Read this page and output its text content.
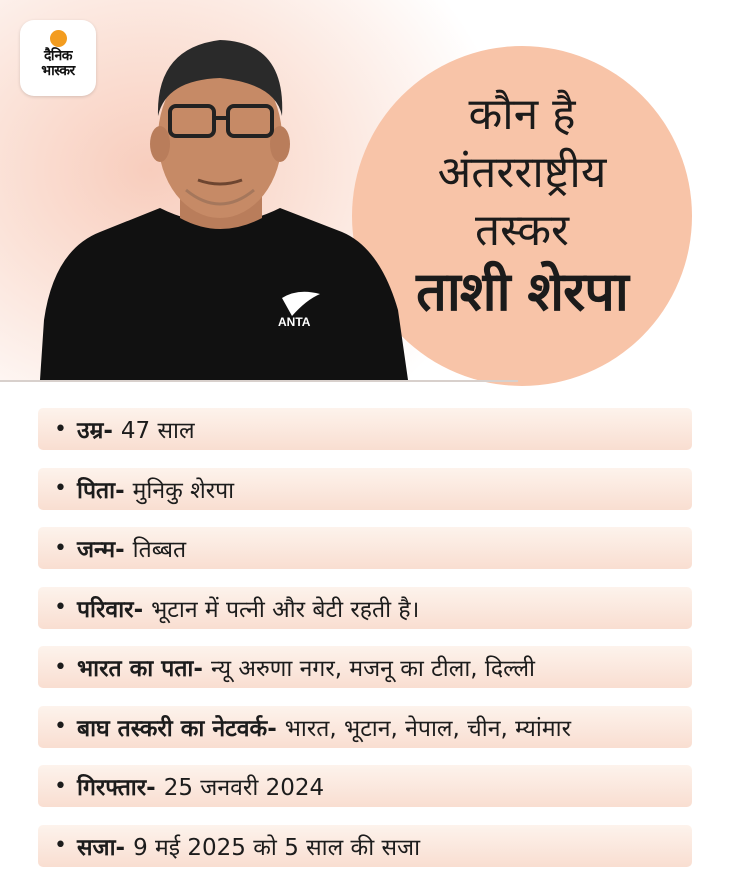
कौन है
अंतरराष्ट्रीय
तस्कर
ताशी शेरपा
ANTA
दैनिक
भास्कर
• उम्र- 47 साल
• पिता- मुनिकु शेरपा
• जन्म- तिब्बत
• परिवार- भूटान में पत्नी और बेटी रहती है।
• भारत का पता- न्यू अरुणा नगर, मजनू का टीला, दिल्ली
• बाघ तस्करी का नेटवर्क- भारत, भूटान, नेपाल, चीन, म्यांमार
• गिरफ्तार- 25 जनवरी 2024
• सजा- 9 मई 2025 को 5 साल की सजा
